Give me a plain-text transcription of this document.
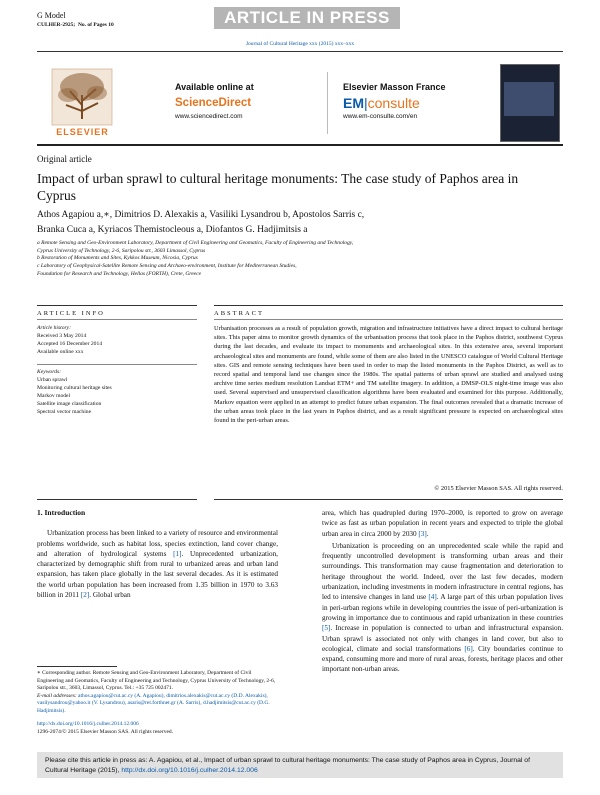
G Model
CULHER-2925; No. of Pages 10	ARTICLE IN PRESS
Journal of Cultural Heritage xxx (2015) xxx–xxx
ELSEVIER
Available online at
ScienceDirect
www.sciencedirect.com
Elsevier Masson France
EM|consulte
www.em-consulte.com/en
Original article
Impact of urban sprawl to cultural heritage monuments: The case study of Paphos area in Cyprus
Athos Agapiou a,∗, Dimitrios D. Alexakis a, Vasiliki Lysandrou b, Apostolos Sarris c,
Branka Cuca a, Kyriacos Themistocleous a, Diofantos G. Hadjimitsis a
a Remote Sensing and Geo-Environment Laboratory, Department of Civil Engineering and Geomatics, Faculty of Engineering and Technology,
Cyprus University of Technology, 2-6, Saripolou str., 3603 Limassol, Cyprus
b Restoration of Monuments and Sites, Kykkos Museum, Nicosia, Cyprus
c Laboratory of Geophysical-Satellite Remote Sensing and Archaeo-environment, Institute for Mediterranean Studies,
Foundation for Research and Technology, Hellas (FORTH), Crete, Greece
ARTICLE INFO	ABSTRACT
Article history:
Received 3 May 2014
Accepted 16 December 2014
Available online xxx
Keywords:
Urban sprawl
Monitoring cultural heritage sites
Markov model
Satellite image classification
Spectral vector machine
Urbanisation processes as a result of population growth, migration and infrastructure initiatives have a direct impact to cultural heritage sites. This paper aims to monitor growth dynamics of the urbanisation process that took place in the Paphos district, southwest Cyprus during the last decades, and evaluate its impact to monuments and archaeological sites. In this extensive area, several important archaeological sites and monuments are found, while some of them are also listed in the UNESCO catalogue of World Cultural Heritage sites. GIS and remote sensing techniques have been used in order to map the listed monuments in the Paphos District, as well as to record spatial and temporal land use changes since the 1980s. The spatial patterns of urban sprawl are studied and analysed using archive time series medium resolution Landsat ETM+ and TM satellite imagery. In addition, a DMSP-OLS night-time image was also used. Several supervised and unsupervised classification algorithms have been evaluated and examined for this purpose. Additionally, Markov equation were applied in an attempt to predict future urban expansion. The final outcomes revealed that a dramatic increase of the urban areas took place in the last years in Paphos district, and as a result significant pressure is expected on archaeological sites found in the peri-urban areas.
© 2015 Elsevier Masson SAS. All rights reserved.
1. Introduction

Urbanization process has been linked to a variety of resource and environmental problems worldwide, such as habitat loss, species extinction, land cover change, and alteration of hydrological systems [1]. Unprecedented urbanization, characterized by demographic shift from rural to urbanized areas and urban land expansion, has taken place globally in the last several decades. As it is estimated the world urban population has been increased from 1.35 billion in 1970 to 3.63 billion in 2011 [2]. Global urban

area, which has quadrupled during 1970–2000, is reported to grow on average twice as fast as urban population in recent years and expected to triple the global urban area in circa 2000 by 2030 [3].

Urbanization is proceeding on an unprecedented scale while the rapid and frequently uncontrolled development is transforming urban areas and their surroundings. This transformation may cause fragmentation and deterioration to heritage throughout the world. Indeed, over the last few decades, modern urbanization, including investments in modern infrastructure in central regions, has led to intensive changes in land use [4]. A large part of this urban population lives in peri-urban regions while in developing countries the issue of peri-urbanization is growing in importance due to continuous and rapid urbanization in these countries [5]. Increase in population is connected to urban and infrastructural expansion. Urban sprawl is associated not only with changes in land cover, but also to ecological, climate and social transformations [6]. City boundaries continue to expand, consuming more and more of rural areas, forests, heritage places and other important non-urban areas.

∗ Corresponding author. Remote Sensing and Geo-Environment Laboratory, Department of Civil Engineering and Geomatics, Faculty of Engineering and Technology, Cyprus University of Technology, 2-6, Saripolou str., 3603, Limassol, Cyprus. Tel.: +35 725 002471.
E-mail addresses: athos.agapiou@cut.ac.cy (A. Agapiou), dimitrios.alexakis@cut.ac.cy (D.D. Alexakis), vasilysandrou@yahoo.it (V. Lysandrou), asaris@ret.forthnet.gr (A. Sarris), d.hadjimitsis@cut.ac.cy (D.G. Hadjimitsis).
http://dx.doi.org/10.1016/j.culher.2014.12.006
1296-2074/© 2015 Elsevier Masson SAS. All rights reserved.
Please cite this article in press as: A. Agapiou, et al., Impact of urban sprawl to cultural heritage monuments: The case study of Paphos area in Cyprus, Journal of Cultural Heritage (2015), http://dx.doi.org/10.1016/j.culher.2014.12.006
